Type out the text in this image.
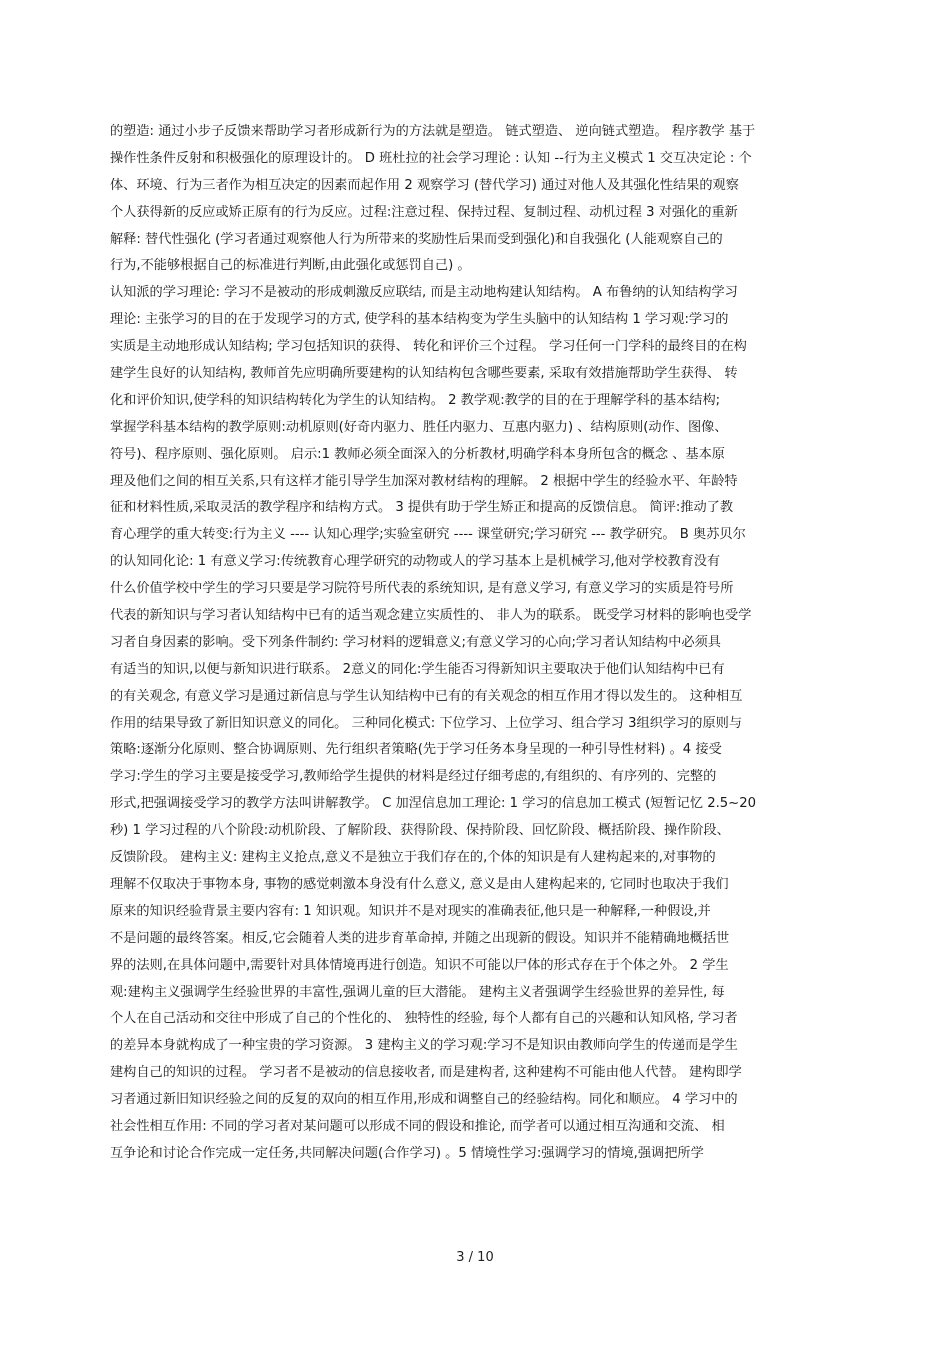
的塑造: 通过小步子反馈来帮助学习者形成新行为的方法就是塑造。 链式塑造、 逆向链式塑造。 程序教学 基于
操作性条件反射和积极强化的原理设计的。 D 班杜拉的社会学习理论 : 认知 --行为主义模式 1 交互决定论 : 个
体、环境、行为三者作为相互决定的因素而起作用 2 观察学习 (替代学习) 通过对他人及其强化性结果的观察
个人获得新的反应或矫正原有的行为反应。过程:注意过程、保持过程、复制过程、动机过程 3 对强化的重新
解释: 替代性强化 (学习者通过观察他人行为所带来的奖励性后果而受到强化)和自我强化 (人能观察自己的
行为,不能够根据自己的标准进行判断,由此强化或惩罚自己) 。
认知派的学习理论: 学习不是被动的形成刺激反应联结, 而是主动地构建认知结构。 A 布鲁纳的认知结构学习
理论: 主张学习的目的在于发现学习的方式, 使学科的基本结构变为学生头脑中的认知结构 1 学习观:学习的
实质是主动地形成认知结构; 学习包括知识的获得、 转化和评价三个过程。 学习任何一门学科的最终目的在构
建学生良好的认知结构, 教师首先应明确所要建构的认知结构包含哪些要素, 采取有效措施帮助学生获得、 转
化和评价知识,使学科的知识结构转化为学生的认知结构。 2 教学观:教学的目的在于理解学科的基本结构;
掌握学科基本结构的教学原则:动机原则(好奇内驱力、胜任内驱力、互惠内驱力) 、结构原则(动作、图像、
符号)、程序原则、强化原则。 启示:1 教师必须全面深入的分析教材,明确学科本身所包含的概念 、基本原
理及他们之间的相互关系,只有这样才能引导学生加深对教材结构的理解。 2 根据中学生的经验水平、年龄特
征和材料性质,采取灵活的教学程序和结构方式。 3 提供有助于学生矫正和提高的反馈信息。 简评:推动了教
育心理学的重大转变:行为主义 ---- 认知心理学;实验室研究 ---- 课堂研究;学习研究 --- 教学研究。 B 奥苏贝尔
的认知同化论: 1 有意义学习:传统教育心理学研究的动物或人的学习基本上是机械学习,他对学校教育没有
什么价值学校中学生的学习只要是学习院符号所代表的系统知识, 是有意义学习, 有意义学习的实质是符号所
代表的新知识与学习者认知结构中已有的适当观念建立实质性的、 非人为的联系。 既受学习材料的影响也受学
习者自身因素的影响。受下列条件制约: 学习材料的逻辑意义;有意义学习的心向;学习者认知结构中必须具
有适当的知识,以便与新知识进行联系。 2意义的同化:学生能否习得新知识主要取决于他们认知结构中已有
的有关观念, 有意义学习是通过新信息与学生认知结构中已有的有关观念的相互作用才得以发生的。 这种相互
作用的结果导致了新旧知识意义的同化。 三种同化模式: 下位学习、上位学习、组合学习 3组织学习的原则与
策略:逐渐分化原则、整合协调原则、先行组织者策略(先于学习任务本身呈现的一种引导性材料) 。4 接受
学习:学生的学习主要是接受学习,教师给学生提供的材料是经过仔细考虑的,有组织的、有序列的、完整的
形式,把强调接受学习的教学方法叫讲解教学。 C 加涅信息加工理论: 1 学习的信息加工模式 (短暂记忆 2.5~20
秒) 1 学习过程的八个阶段:动机阶段、了解阶段、获得阶段、保持阶段、回忆阶段、概括阶段、操作阶段、
反馈阶段。 建构主义: 建构主义抢点,意义不是独立于我们存在的,个体的知识是有人建构起来的,对事物的
理解不仅取决于事物本身, 事物的感觉刺激本身没有什么意义, 意义是由人建构起来的, 它同时也取决于我们
原来的知识经验背景主要内容有: 1 知识观。知识并不是对现实的准确表征,他只是一种解释,一种假设,并
不是问题的最终答案。相反,它会随着人类的进步育革命掉, 并随之出现新的假设。知识并不能精确地概括世
界的法则,在具体问题中,需要针对具体情境再进行创造。知识不可能以尸体的形式存在于个体之外。 2 学生
观:建构主义强调学生经验世界的丰富性,强调儿童的巨大潜能。 建构主义者强调学生经验世界的差异性, 每
个人在自己活动和交往中形成了自己的个性化的、 独特性的经验, 每个人都有自己的兴趣和认知风格, 学习者
的差异本身就构成了一种宝贵的学习资源。 3 建构主义的学习观:学习不是知识由教师向学生的传递而是学生
建构自己的知识的过程。 学习者不是被动的信息接收者, 而是建构者, 这种建构不可能由他人代替。 建构即学
习者通过新旧知识经验之间的反复的双向的相互作用,形成和调整自己的经验结构。同化和顺应。 4 学习中的
社会性相互作用: 不同的学习者对某问题可以形成不同的假设和推论, 而学者可以通过相互沟通和交流、 相
互争论和讨论合作完成一定任务,共同解决问题(合作学习) 。5 情境性学习:强调学习的情境,强调把所学
3 / 10
